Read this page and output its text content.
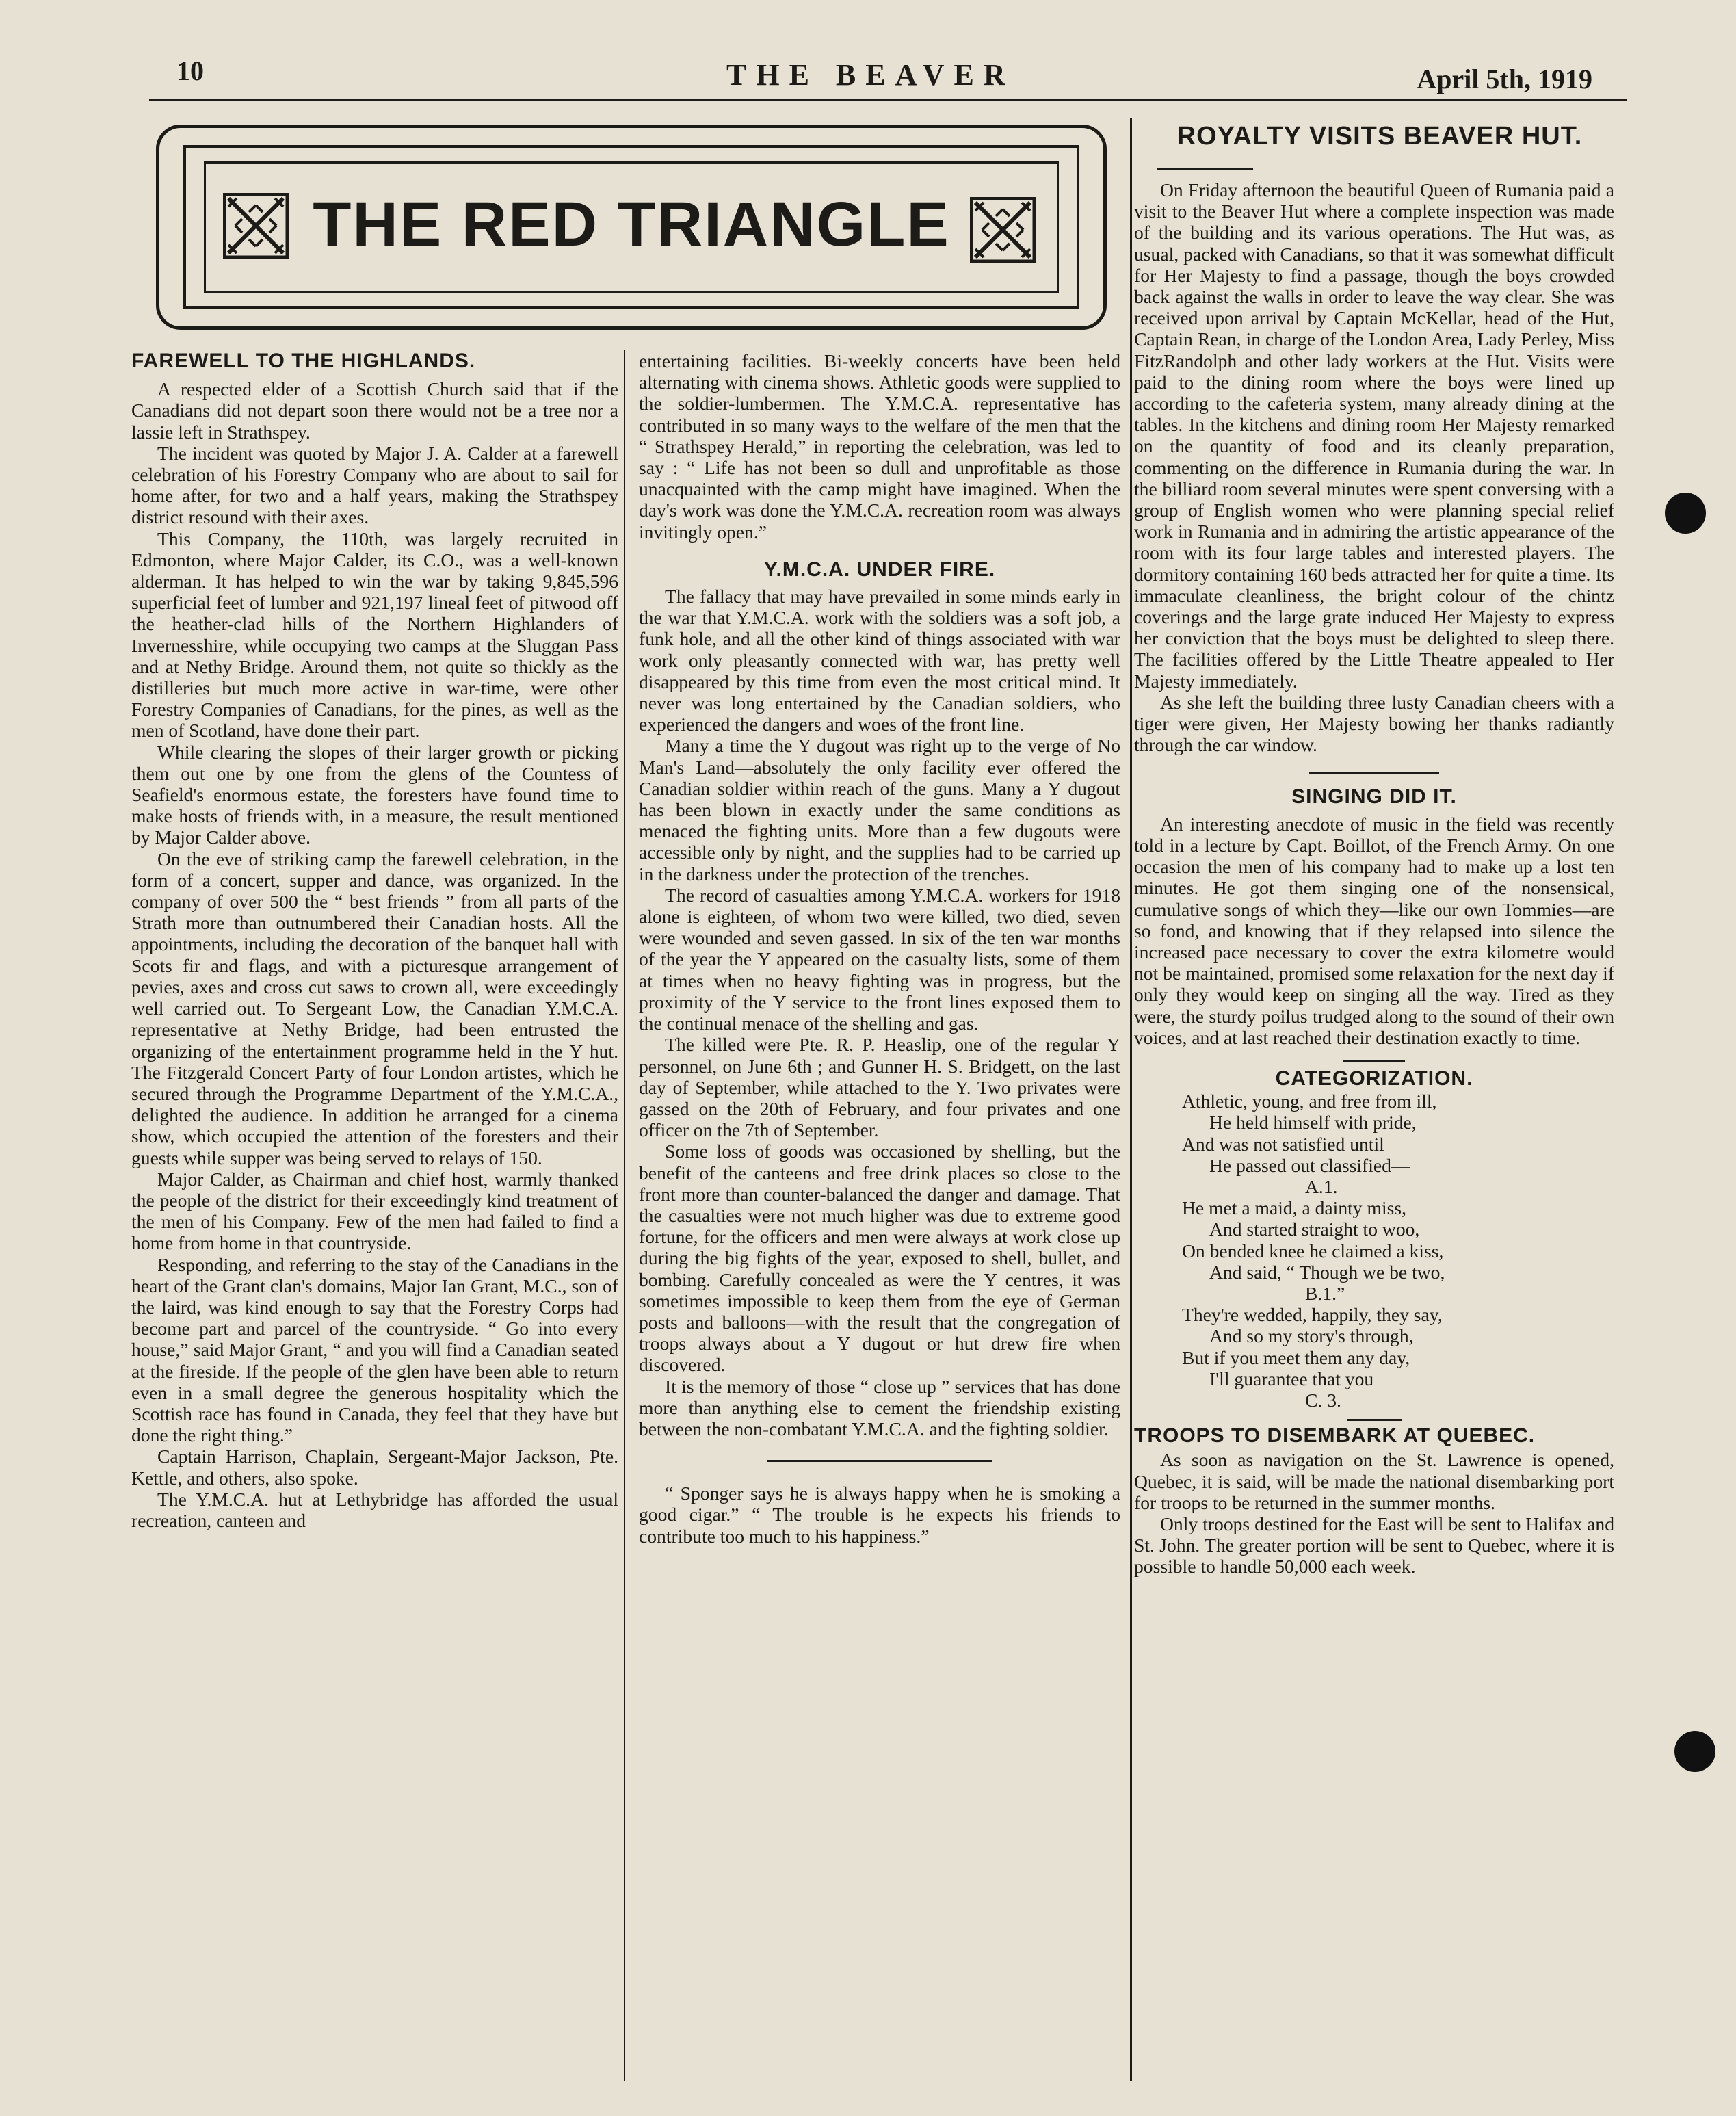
10	THE BEAVER	April 5th, 1919
THE RED TRIANGLE
FAREWELL TO THE HIGHLANDS.

A respected elder of a Scottish Church said that if the Canadians did not depart soon there would not be a tree nor a lassie left in Strathspey.

The incident was quoted by Major J. A. Calder at a farewell celebration of his Forestry Company who are about to sail for home after, for two and a half years, making the Strathspey district resound with their axes.

This Company, the 110th, was largely recruited in Edmonton, where Major Calder, its C.O., was a well-known alderman. It has helped to win the war by taking 9,845,596 superficial feet of lumber and 921,197 lineal feet of pitwood off the heather-clad hills of the Northern Highlanders of Invernesshire, while occupying two camps at the Sluggan Pass and at Nethy Bridge. Around them, not quite so thickly as the distilleries but much more active in war-time, were other Forestry Companies of Canadians, for the pines, as well as the men of Scotland, have done their part.

While clearing the slopes of their larger growth or picking them out one by one from the glens of the Countess of Seafield's enormous estate, the foresters have found time to make hosts of friends with, in a measure, the result mentioned by Major Calder above.

On the eve of striking camp the farewell celebration, in the form of a concert, supper and dance, was organized. In the company of over 500 the “ best friends ” from all parts of the Strath more than outnumbered their Canadian hosts. All the appointments, including the decoration of the banquet hall with Scots fir and flags, and with a picturesque arrangement of pevies, axes and cross cut saws to crown all, were exceedingly well carried out. To Sergeant Low, the Canadian Y.M.C.A. representative at Nethy Bridge, had been entrusted the organizing of the entertainment programme held in the Y hut. The Fitzgerald Concert Party of four London artistes, which he secured through the Programme Department of the Y.M.C.A., delighted the audience. In addition he arranged for a cinema show, which occupied the attention of the foresters and their guests while supper was being served to relays of 150.

Major Calder, as Chairman and chief host, warmly thanked the people of the district for their exceedingly kind treatment of the men of his Company. Few of the men had failed to find a home from home in that countryside.

Responding, and referring to the stay of the Canadians in the heart of the Grant clan's domains, Major Ian Grant, M.C., son of the laird, was kind enough to say that the Forestry Corps had become part and parcel of the countryside. “ Go into every house,” said Major Grant, “ and you will find a Canadian seated at the fireside. If the people of the glen have been able to return even in a small degree the generous hospitality which the Scottish race has found in Canada, they feel that they have but done the right thing.”

Captain Harrison, Chaplain, Sergeant-Major Jackson, Pte. Kettle, and others, also spoke.

The Y.M.C.A. hut at Lethybridge has afforded the usual recreation, canteen and

entertaining facilities. Bi-weekly concerts have been held alternating with cinema shows. Athletic goods were supplied to the soldier-lumbermen. The Y.M.C.A. representative has contributed in so many ways to the welfare of the men that the “ Strathspey Herald,” in reporting the celebration, was led to say : “ Life has not been so dull and unprofitable as those unacquainted with the camp might have imagined. When the day's work was done the Y.M.C.A. recreation room was always invitingly open.”

Y.M.C.A. UNDER FIRE.

The fallacy that may have prevailed in some minds early in the war that Y.M.C.A. work with the soldiers was a soft job, a funk hole, and all the other kind of things associated with war work only pleasantly connected with war, has pretty well disappeared by this time from even the most critical mind. It never was long entertained by the Canadian soldiers, who experienced the dangers and woes of the front line.

Many a time the Y dugout was right up to the verge of No Man's Land—absolutely the only facility ever offered the Canadian soldier within reach of the guns. Many a Y dugout has been blown in exactly under the same conditions as menaced the fighting units. More than a few dugouts were accessible only by night, and the supplies had to be carried up in the darkness under the protection of the trenches.

The record of casualties among Y.M.C.A. workers for 1918 alone is eighteen, of whom two were killed, two died, seven were wounded and seven gassed. In six of the ten war months of the year the Y appeared on the casualty lists, some of them at times when no heavy fighting was in progress, but the proximity of the Y service to the front lines exposed them to the continual menace of the shelling and gas.

The killed were Pte. R. P. Heaslip, one of the regular Y personnel, on June 6th ; and Gunner H. S. Bridgett, on the last day of September, while attached to the Y. Two privates were gassed on the 20th of February, and four privates and one officer on the 7th of September.

Some loss of goods was occasioned by shelling, but the benefit of the canteens and free drink places so close to the front more than counter-balanced the danger and damage. That the casualties were not much higher was due to extreme good fortune, for the officers and men were always at work close up during the big fights of the year, exposed to shell, bullet, and bombing. Carefully concealed as were the Y centres, it was sometimes impossible to keep them from the eye of German posts and balloons—with the result that the congregation of troops always about a Y dugout or hut drew fire when discovered.

It is the memory of those “ close up ” services that has done more than anything else to cement the friendship existing between the non-combatant Y.M.C.A. and the fighting soldier.

“ Sponger says he is always happy when he is smoking a good cigar.” “ The trouble is he expects his friends to contribute too much to his happiness.”

ROYALTY VISITS BEAVER HUT.

On Friday afternoon the beautiful Queen of Rumania paid a visit to the Beaver Hut where a complete inspection was made of the building and its various operations. The Hut was, as usual, packed with Canadians, so that it was somewhat difficult for Her Majesty to find a passage, though the boys crowded back against the walls in order to leave the way clear. She was received upon arrival by Captain McKellar, head of the Hut, Captain Rean, in charge of the London Area, Lady Perley, Miss FitzRandolph and other lady workers at the Hut. Visits were paid to the dining room where the boys were lined up according to the cafeteria system, many already dining at the tables. In the kitchens and dining room Her Majesty remarked on the quantity of food and its cleanly preparation, commenting on the difference in Rumania during the war. In the billiard room several minutes were spent conversing with a group of English women who were planning special relief work in Rumania and in admiring the artistic appearance of the room with its four large tables and interested players. The dormitory containing 160 beds attracted her for quite a time. Its immaculate cleanliness, the bright colour of the chintz coverings and the large grate induced Her Majesty to express her conviction that the boys must be delighted to sleep there. The facilities offered by the Little Theatre appealed to Her Majesty immediately.

As she left the building three lusty Canadian cheers with a tiger were given, Her Majesty bowing her thanks radiantly through the car window.

SINGING DID IT.

An interesting anecdote of music in the field was recently told in a lecture by Capt. Boillot, of the French Army. On one occasion the men of his company had to make up a lost ten minutes. He got them singing one of the nonsensical, cumulative songs of which they—like our own Tommies—are so fond, and knowing that if they relapsed into silence the increased pace necessary to cover the extra kilometre would not be maintained, promised some relaxation for the next day if only they would keep on singing all the way. Tired as they were, the sturdy poilus trudged along to the sound of their own voices, and at last reached their destination exactly to time.

CATEGORIZATION.
Athletic, young, and free from ill,
He held himself with pride,
And was not satisfied until
He passed out classified—
A.1.
He met a maid, a dainty miss,
And started straight to woo,
On bended knee he claimed a kiss,
And said, “ Though we be two,
B.1.”
They're wedded, happily, they say,
And so my story's through,
But if you meet them any day,
I'll guarantee that you
C. 3.
TROOPS TO DISEMBARK AT QUEBEC.

As soon as navigation on the St. Lawrence is opened, Quebec, it is said, will be made the national disembarking port for troops to be returned in the summer months.

Only troops destined for the East will be sent to Halifax and St. John. The greater portion will be sent to Quebec, where it is possible to handle 50,000 each week.
